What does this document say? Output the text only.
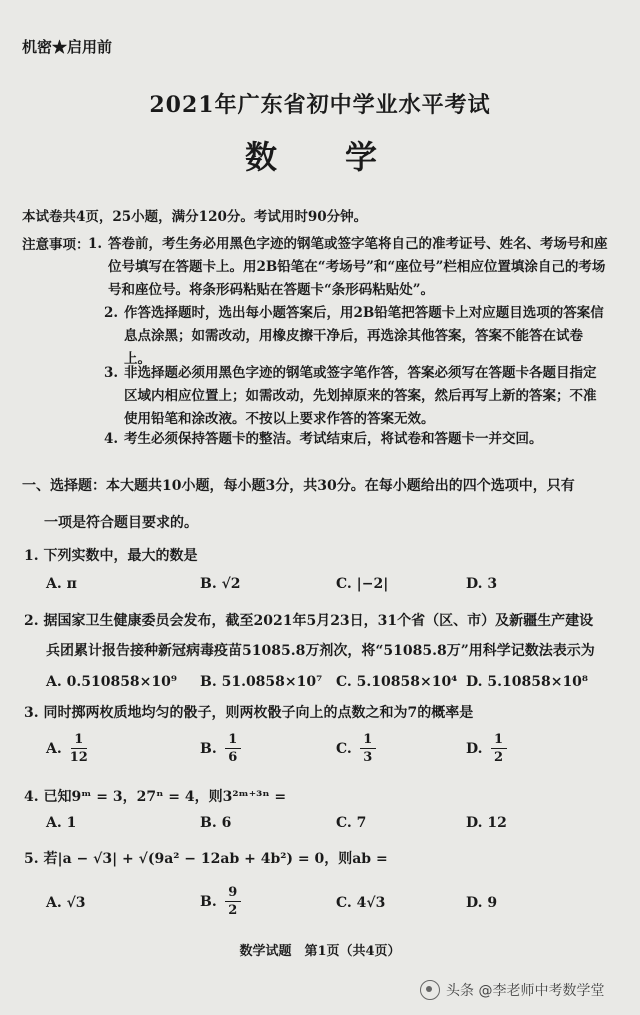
机密★启用前
2021年广东省初中学业水平考试
数　学
本试卷共4页，25小题，满分120分。考试用时90分钟。
注意事项：
1. 答卷前，考生务必用黑色字迹的钢笔或签字笔将自己的准考证号、姓名、考场号和座位号填写在答题卡上。用2B铅笔在“考场号”和“座位号”栏相应位置填涂自己的考场号和座位号。将条形码粘贴在答题卡“条形码粘贴处”。
2. 作答选择题时，选出每小题答案后，用2B铅笔把答题卡上对应题目选项的答案信息点涂黑；如需改动，用橡皮擦干净后，再选涂其他答案，答案不能答在试卷上。
3. 非选择题必须用黑色字迹的钢笔或签字笔作答，答案必须写在答题卡各题目指定区域内相应位置上；如需改动，先划掉原来的答案，然后再写上新的答案；不准使用铅笔和涂改液。不按以上要求作答的答案无效。
4. 考生必须保持答题卡的整洁。考试结束后，将试卷和答题卡一并交回。
一、选择题：本大题共10小题，每小题3分，共30分。在每小题给出的四个选项中，只有
一项是符合题目要求的。
1. 下列实数中，最大的数是
A. π	B. √2	C. |−2|	D. 3
2. 据国家卫生健康委员会发布，截至2021年5月23日，31个省（区、市）及新疆生产建设
兵团累计报告接种新冠病毒疫苗51085.8万剂次，将“51085.8万”用科学记数法表示为
A. 0.510858×10⁹ B. 51.0858×10⁷ C. 5.10858×10⁴ D. 5.10858×10⁸
3. 同时掷两枚质地均匀的骰子，则两枚骰子向上的点数之和为7的概率是
A. $\frac{1}{12}$	B. $\frac{1}{6}$	C. $\frac{1}{3}$	D. $\frac{1}{2}$
4. 已知9ᵐ = 3，27ⁿ = 4，则3²ᵐ⁺³ⁿ =
A. 1	B. 6	C. 7	D. 12
5. 若|a − √3| + √(9a² − 12ab + 4b²) = 0，则ab =
A. √3	B. $\frac{9}{2}$	C. 4√3	D. 9
数学试题　第1页（共4页）
头条 @李老师中考数学堂
